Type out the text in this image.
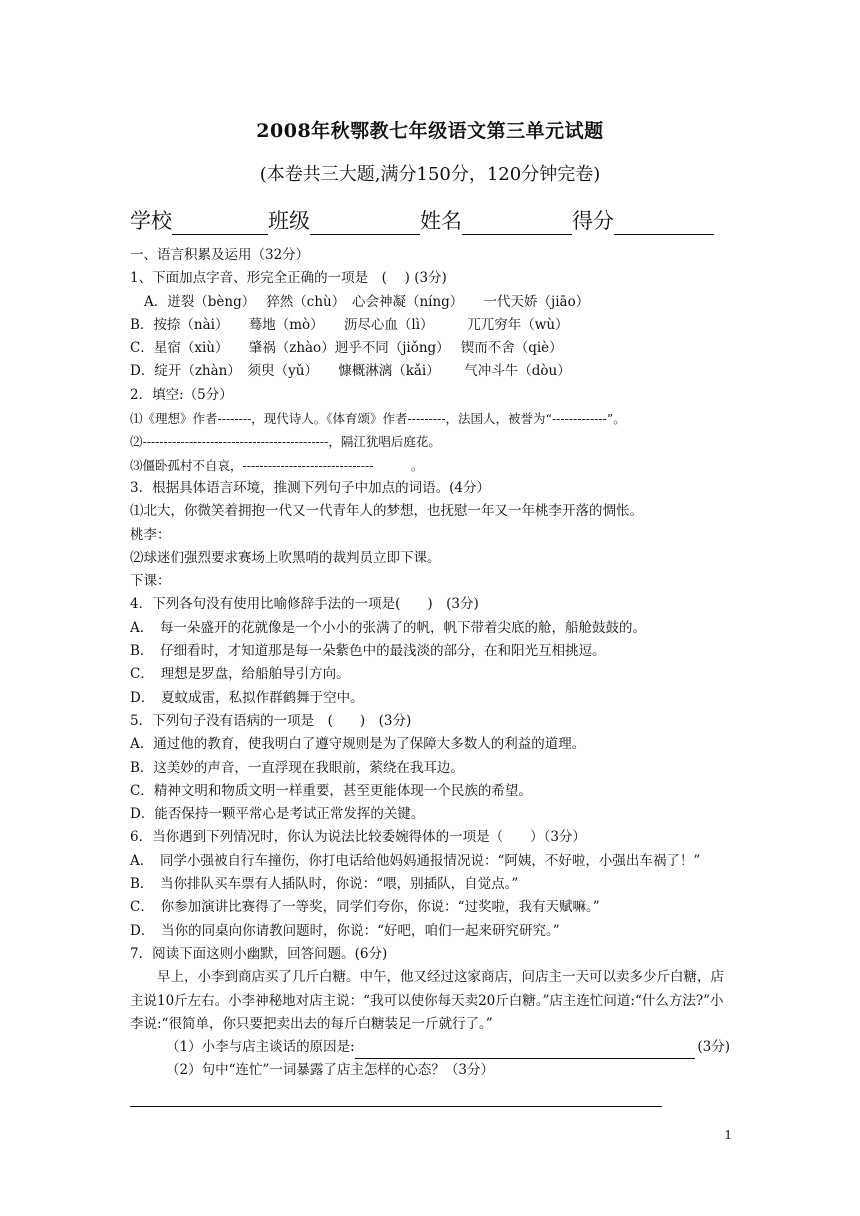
2008年秋鄂教七年级语文第三单元试题
(本卷共三大题,满分150分，120分钟完卷)
学校	班级	姓名	得分
一、语言积累及运用（32分）
1、下面加点字音、形完全正确的一项是　(　 ) (3分)
A．迸裂（bèng）　 猝然（chù）　心会神凝（níng）　　一代天娇（jiāo）
B．按捺（nài）　　蓦地（mò）　　沥尽心血（lì）　　　兀兀穷年（wù）
C．星宿（xiù）　　肇祸（zhào）迥乎不同（jiǒng）　 锲而不舍（qiè）
D．绽开（zhàn）　须臾（yǔ）　　慷概淋漓（kǎi）　　 气冲斗牛（dòu）
2．填空:（5分）
⑴《理想》作者--------，现代诗人。《体育颂》作者---------，法国人，被誉为“-------------”。
⑵--------------------------------------------，隔江犹唱后庭花。
⑶僵卧孤村不自哀，-------------------------------　　　。
3．根据具体语言环境，推测下列句子中加点的词语。(4分）
⑴北大，你微笑着拥抱一代又一代青年人的梦想，也抚慰一年又一年桃李开落的惆怅。
桃李：
⑵球迷们强烈要求赛场上吹黑哨的裁判员立即下课。
下课：
4．下列各句没有使用比喻修辞手法的一项是(　　)　(3分)
A．　每一朵盛开的花就像是一个小小的张满了的帆，帆下带着尖底的舱，船舱鼓鼓的。
B．　仔细看时，才知道那是每一朵紫色中的最浅淡的部分，在和阳光互相挑逗。
C．　理想是罗盘，给船舶导引方向。
D．　夏蚊成雷，私拟作群鹤舞于空中。
5．下列句子没有语病的一项是　(　　)　(3分)
A．通过他的教育，使我明白了遵守规则是为了保障大多数人的利益的道理。
B．这美妙的声音，一直浮现在我眼前，萦绕在我耳边。
C．精神文明和物质文明一样重要，甚至更能体现一个民族的希望。
D．能否保持一颗平常心是考试正常发挥的关键。
6．当你遇到下列情况时，你认为说法比较委婉得体的一项是（　　）（3分）
A．　同学小强被自行车撞伤，你打电话给他妈妈通报情况说：“阿姨，不好啦，小强出车祸了！”
B．　当你排队买车票有人插队时，你说：“喂，别插队，自觉点。”
C．　你参加演讲比赛得了一等奖，同学们夸你，你说：“过奖啦，我有天赋嘛。”
D．　当你的同桌向你请教问题时，你说：“好吧，咱们一起来研究研究。”
7．阅读下面这则小幽默，回答问题。(6分)
早上，小李到商店买了几斤白糖。中午，他又经过这家商店，问店主一天可以卖多少斤白糖，店主说10斤左右。小李神秘地对店主说：“我可以使你每天卖20斤白糖。”店主连忙问道:“什么方法?”小李说:“很简单，你只要把卖出去的每斤白糖装足一斤就行了。”
（1）小李与店主谈话的原因是:	(3分)
（2）句中“连忙”一词暴露了店主怎样的心态？（3分）
1
